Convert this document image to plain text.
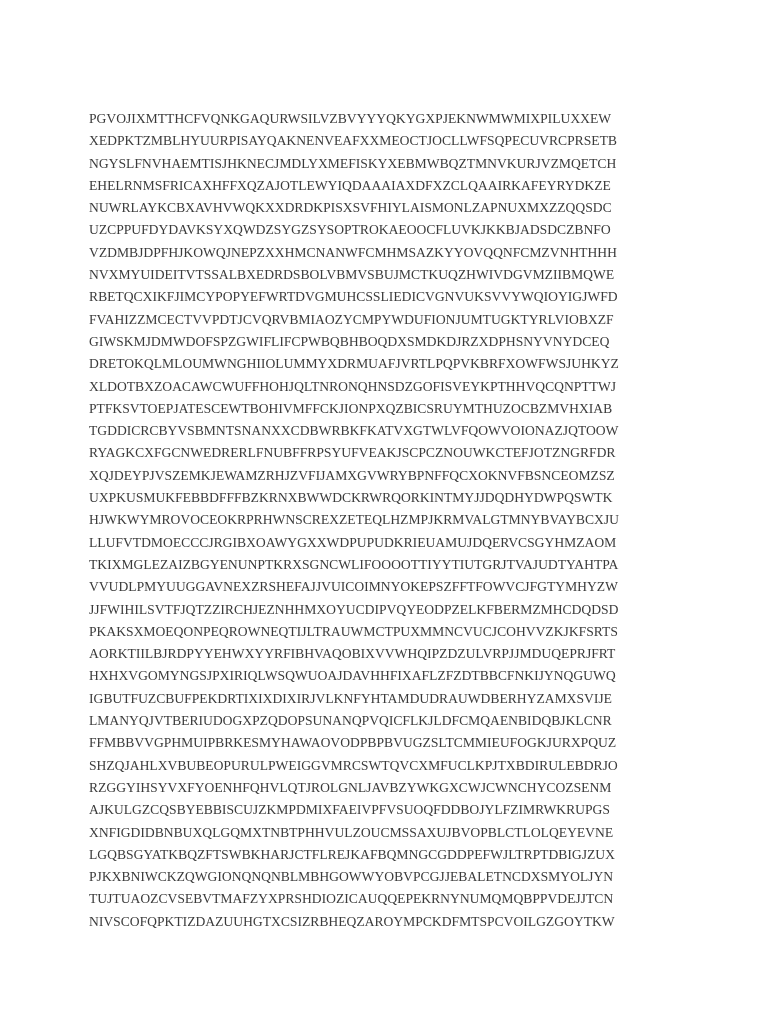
PGVOJIXMTTHCFVQNKGAQURWSILVZBVYYYQKYGXPJEKNWMWMIXPILUXXEW
XEDPKTZMBLHYUURPISAYQAKNENVEAFXXMEOCTJOCLLWFSQPECUVRCPRSETB
NGYSLFNVHAEMTISJHKNECJMDLYXMEFISKYXEBMWBQZTMNVKURJVZMQETCH
EHELRNMSFRICAXHFFXQZAJOTLEWYIQDAAAIAXDFXZCLQAAIRKAFEYRYDKZE
NUWRLAYKCBXAVHVWQKXXDRDKPISXSVFHIYLAISMONLZAPNUXMXZZQQSDC
UZCPPUFDYDAVKSYXQWDZSYGZSYSOPTROKAEOOCFLUVKJKKBJADSDCZBNFO
VZDMBJDPFHJKOWQJNEPZXXHMCNANWFCMHMSAZKYYOVQQNFCMZVNHTHHH
NVXMYUIDEITVTSSALBXEDRDSBOLVBMVSBUJMCTKUQZHWIVDGVMZIIBMQWE
RBETQCXIKFJIMCYPOPYEFWRTDVGMUHCSSLIEDICVGNVUKSVVYWQIOYIGJWFD
FVAHIZZMCECTVVPDTJCVQRVBMIAOZYCMPYWDUFIONJUMTUGKTYRLVIOBXZF
GIWSKMJDMWDOFSPZGWIFLIFCPWBQBHBOQDXSMDKDJRZXDPHSNYVNYDCEQ
DRETOKQLMLOUMWNGHIIOLUMMYXDRMUAFJVRTLPQPVKBRFXOWFWSJUHKYZ
XLDOTBXZOACAWCWUFFHOHJQLTNRONQHNSDZGOFISVEYKPTHHVQCQNPTTWJ
PTFKSVTOEPJATESCEWTBOHIVMFFCKJIONPXQZBICSRUYMTHUZOCBZMVHXIAB
TGDDICRCBYVSBMNTSNANXXCDBWRBKFKATVXGTWLVFQOWVOIONAZJQTOOW
RYAGKCXFGCNWEDRERLFNUBFFRPSYUFVEAKJSCPCZNOUWKCTEFJOTZNGRFDR
XQJDEYPJVSZEMKJEWAMZRHJZVFIJAMXGVWRYBPNFFQCXOKNVFBSNCEOMZSZ
UXPKUSMUKFEBBDFFFBZKRNXBWWDCKRWRQORKINTMYJJDQDHYDWPQSWTK
HJWKWYMROVOCEOKRPRHWNSCREXZETEQLHZMPJKRMVALGTMNYBVAYBCXJU
LLUFVTDMOECCCJRGIBXOAWYGXXWDPUPUDKRIEUAMUJDQERVCSGYHMZAOM
TKIXMGLEZAIZBGYENUNPTKRXSGNCWLIFOOOOTTIYYTIUTGRJTVAJUDTYAHTPA
VVUDLPMYUUGGAVNEXZRSHEFAJJVUICOIMNYOKEPSZFFTFOWVCJFGTYMHYZW
JJFWIHILSVTFJQTZZIRCHJEZNHHMXOYUCDIPVQYEODPZELKFBERMZMHCDQDSD
PKAKSXMOEQONPEQROWNEQTIJLTRAUWMCTPUXMMNCVUCJCOHVVZKJKFSRTS
AORKTIILBJRDPYYEHWXYYRFIBHVAQOBIXVVWHQIPZDZULVRPJJMDUQEPRJFRT
HXHXVGOMYNGSJPXIRIQLWSQWUOAJDAVHHFIXAFLZFZDTBBCFNKIJYNQGUWQ
IGBUTFUZCBUFPEKDRTIXIXDIXIRJVLKNFYHTAMDUDRAUWDBERHYZAMXSVIJE
LMANYQJVTBERIUDOGXPZQDOPSUNANQPVQICFLKJLDFCMQAENBIDQBJKLCNR
FFMBBVVGPHMUIPBRKESMYHAWAOVODPBPBVUGZSLTCMMIEUFOGKJURXPQUZ
SHZQJAHLXVBUBEOPURULPWEIGGVMRCSWTQVCXMFUCLKPJTXBDIRULEBDRJO
RZGGYIHSYVXFYOENHFQHVLQTJROLGNLJAVBZYWKGXCWJCWNCHYCOZSENM
AJKULGZCQSBYEBBISCUJZKMPDMIXFAEIVPFVSUOQFDDBOJYLFZIMRWKRUPGS
XNFIGDIDBNBUXQLGQMXTNBTPHHVULZOUCMSSAXUJBVOPBLCTLOLQEYEVNE
LGQBSGYATKBQZFTSWBKHARJCTFLREJKAFBQMNGCGDDPEFWJLTRPTDBIGJZUX
PJKXBNIWCKZQWGIONQNQNBLMBHGOWWYOBVPCGJJEBALETNCDXSMYOLJYN
TUJTUAOZCVSEBVTMAFZYXPRSHDIOZICAUQQEPEKRNYNUMQMQBPPVDEJJTCN
NIVSCOFQPKTIZDAZUUHGTXCSIZRBHEQZAROYMPCKDFMTSPCVOILGZGOYTKW
